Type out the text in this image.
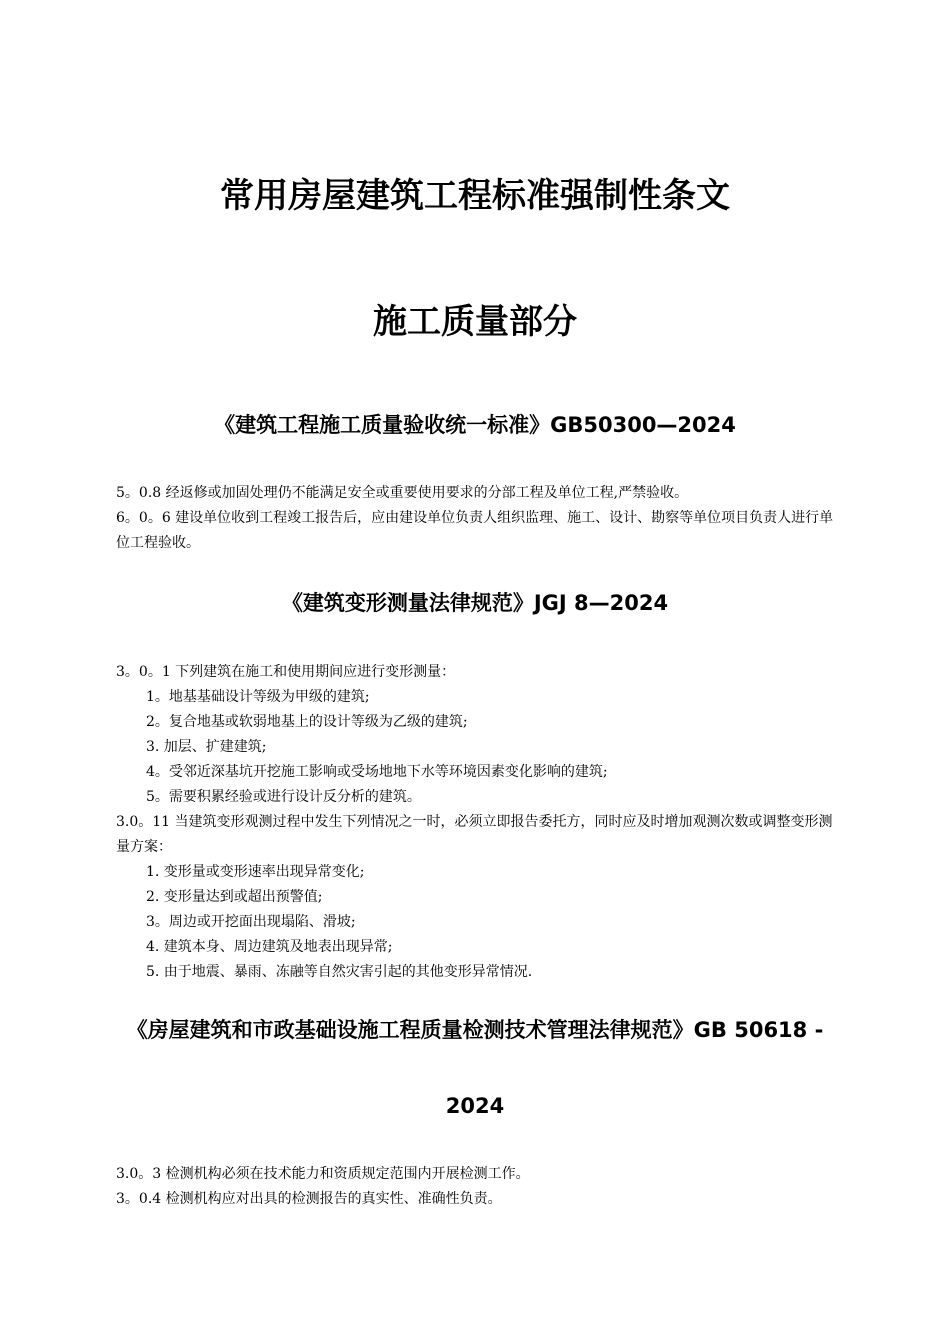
常用房屋建筑工程标准强制性条文
施工质量部分
《建筑工程施工质量验收统一标准》GB50300—2024

5。0.8 经返修或加固处理仍不能满足安全或重要使用要求的分部工程及单位工程,严禁验收。

6。0。6 建设单位收到工程竣工报告后，应由建设单位负责人组织监理、施工、设计、勘察等单位项目负责人进行单位工程验收。

《建筑变形测量法律规范》JGJ 8—2024

3。0。1 下列建筑在施工和使用期间应进行变形测量：

1。地基基础设计等级为甲级的建筑;

2。复合地基或软弱地基上的设计等级为乙级的建筑;

3. 加层、扩建建筑;

4。受邻近深基坑开挖施工影响或受场地地下水等环境因素变化影响的建筑;

5。需要积累经验或进行设计反分析的建筑。

3.0。11 当建筑变形观测过程中发生下列情况之一时，必须立即报告委托方，同时应及时增加观测次数或调整变形测量方案：

1. 变形量或变形速率出现异常变化;

2. 变形量达到或超出预警值;

3。周边或开挖面出现塌陷、滑坡;

4. 建筑本身、周边建筑及地表出现异常;

5. 由于地震、暴雨、冻融等自然灾害引起的其他变形异常情况.

《房屋建筑和市政基础设施工程质量检测技术管理法律规范》GB 50618 -
2024

3.0。3 检测机构必须在技术能力和资质规定范围内开展检测工作。

3。0.4 检测机构应对出具的检测报告的真实性、准确性负责。
